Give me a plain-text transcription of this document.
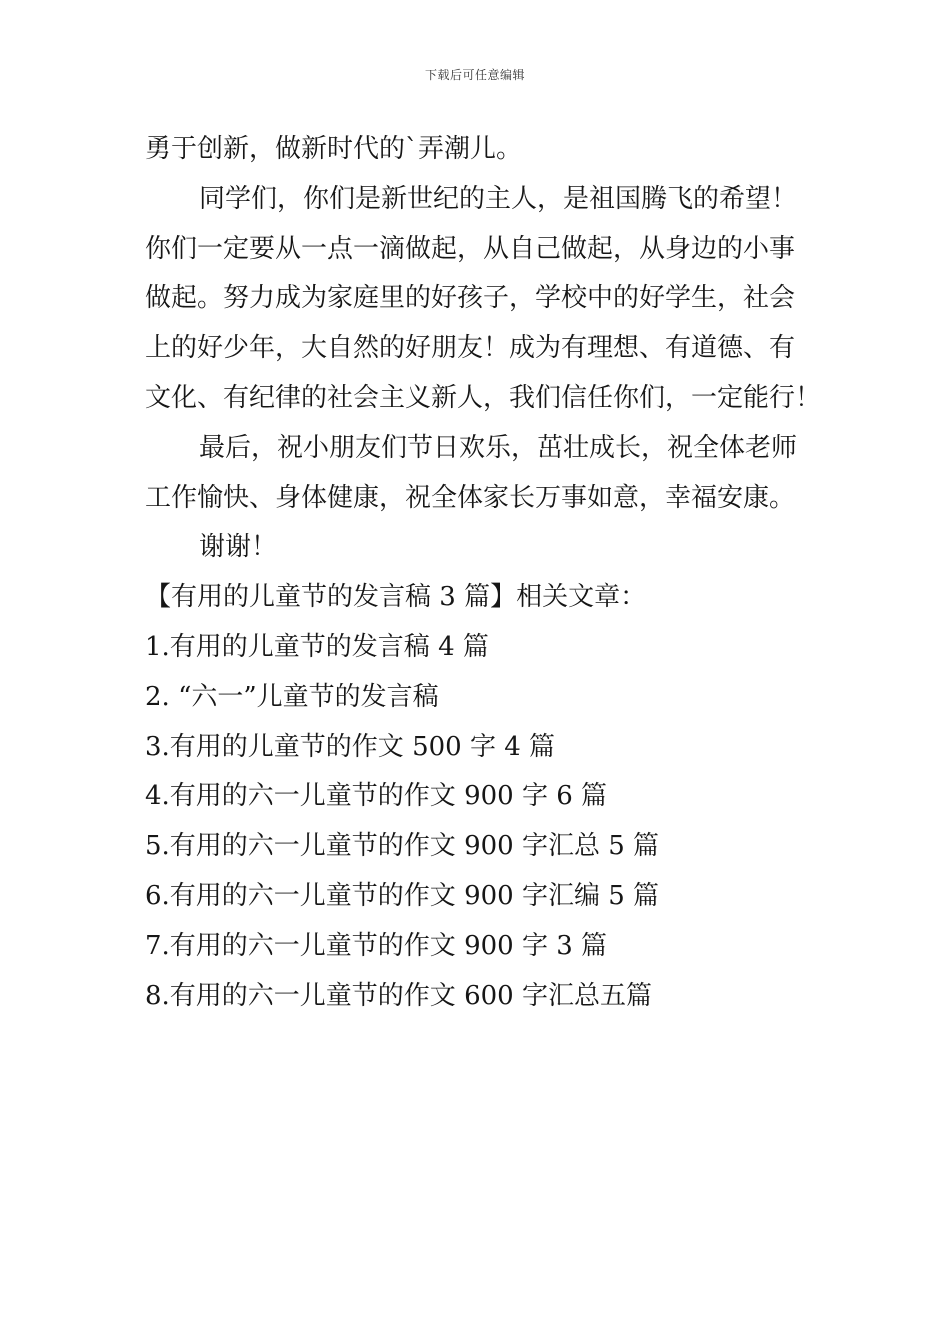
下载后可任意编辑
勇于创新，做新时代的`弄潮儿。
同学们，你们是新世纪的主人，是祖国腾飞的希望！
你们一定要从一点一滴做起，从自己做起，从身边的小事
做起。努力成为家庭里的好孩子，学校中的好学生，社会
上的好少年，大自然的好朋友！成为有理想、有道德、有
文化、有纪律的社会主义新人，我们信任你们，一定能行！
最后，祝小朋友们节日欢乐，茁壮成长，祝全体老师
工作愉快、身体健康，祝全体家长万事如意，幸福安康。
谢谢！
【有用的儿童节的发言稿 3 篇】相关文章：
1.有用的儿童节的发言稿 4 篇
2. “六一”儿童节的发言稿
3.有用的儿童节的作文 500 字 4 篇
4.有用的六一儿童节的作文 900 字 6 篇
5.有用的六一儿童节的作文 900 字汇总 5 篇
6.有用的六一儿童节的作文 900 字汇编 5 篇
7.有用的六一儿童节的作文 900 字 3 篇
8.有用的六一儿童节的作文 600 字汇总五篇
